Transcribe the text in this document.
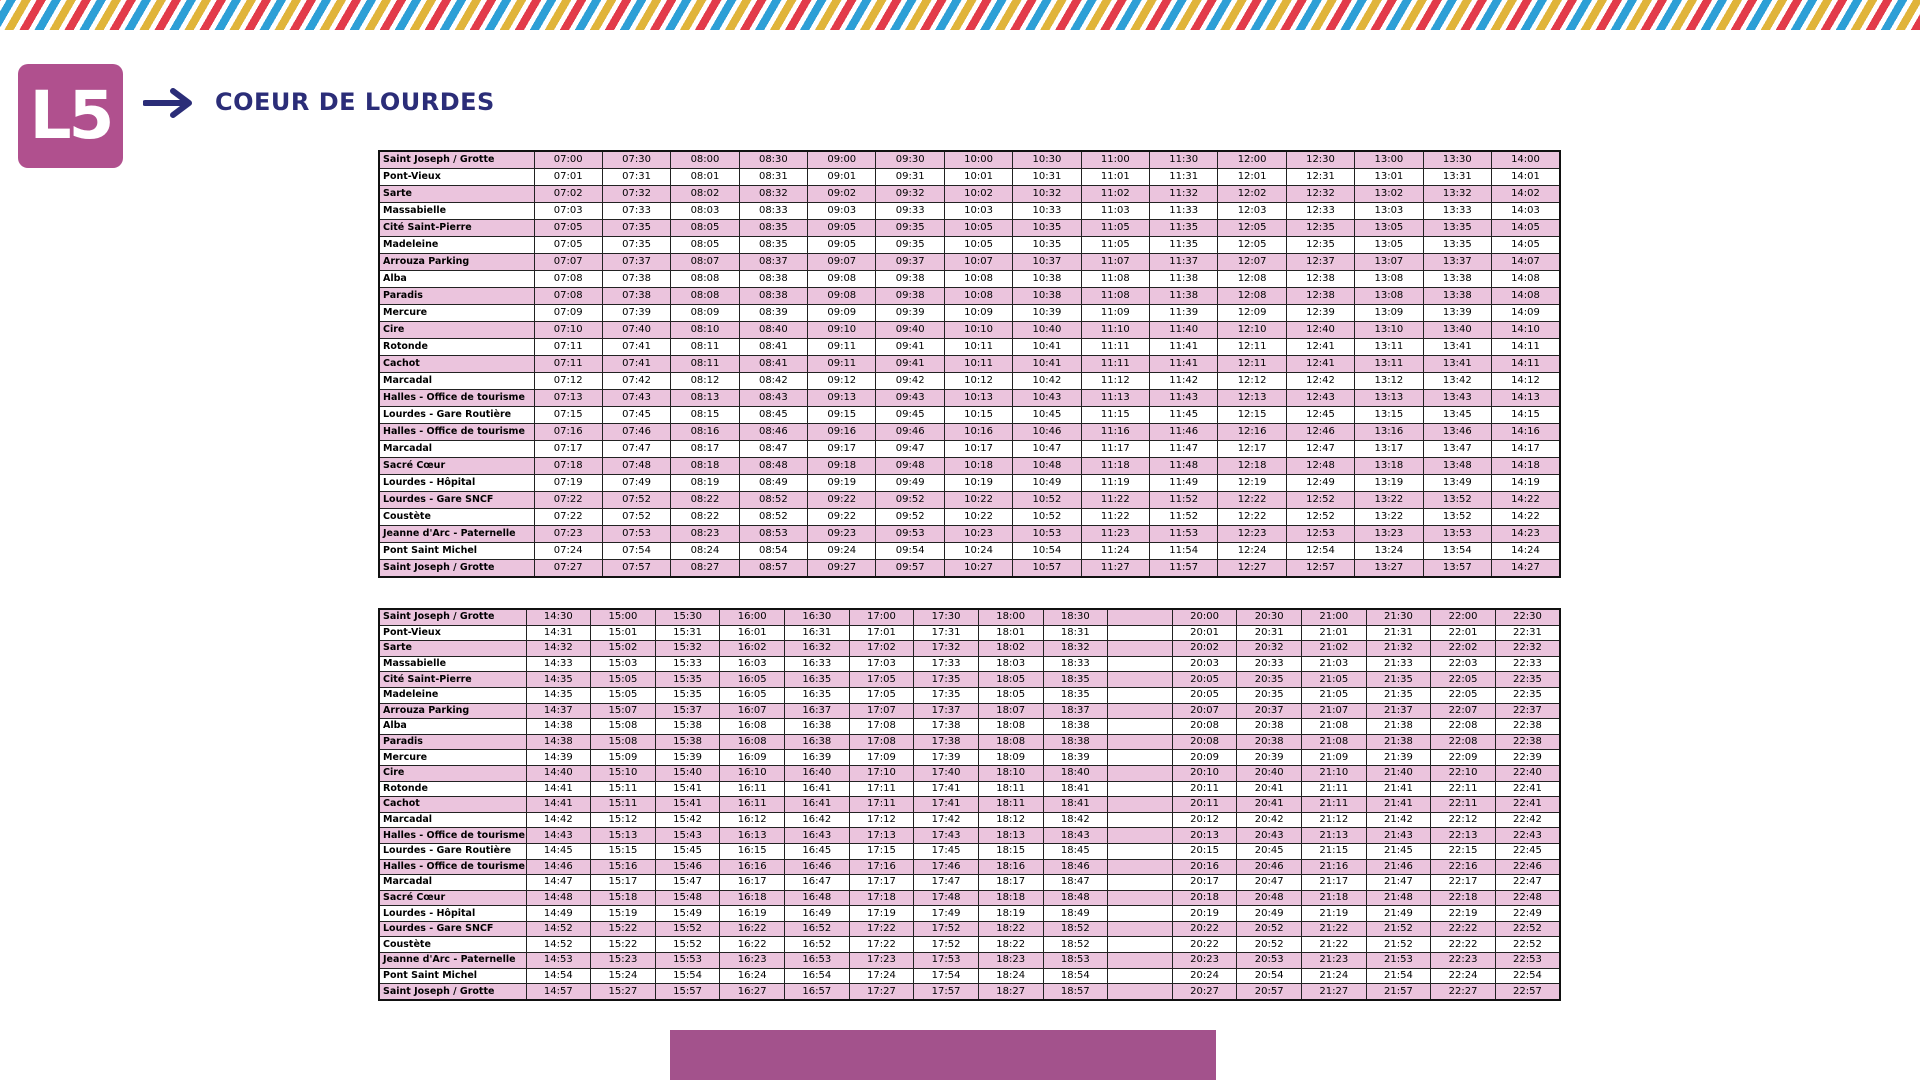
L5	COEUR DE LOURDES
Saint Joseph / Grotte	07:00	07:30	08:00	08:30	09:00	09:30	10:00	10:30	11:00	11:30	12:00	12:30	13:00	13:30	14:00
Pont-Vieux	07:01	07:31	08:01	08:31	09:01	09:31	10:01	10:31	11:01	11:31	12:01	12:31	13:01	13:31	14:01
Sarte	07:02	07:32	08:02	08:32	09:02	09:32	10:02	10:32	11:02	11:32	12:02	12:32	13:02	13:32	14:02
Massabielle	07:03	07:33	08:03	08:33	09:03	09:33	10:03	10:33	11:03	11:33	12:03	12:33	13:03	13:33	14:03
Cité Saint-Pierre	07:05	07:35	08:05	08:35	09:05	09:35	10:05	10:35	11:05	11:35	12:05	12:35	13:05	13:35	14:05
Madeleine	07:05	07:35	08:05	08:35	09:05	09:35	10:05	10:35	11:05	11:35	12:05	12:35	13:05	13:35	14:05
Arrouza Parking	07:07	07:37	08:07	08:37	09:07	09:37	10:07	10:37	11:07	11:37	12:07	12:37	13:07	13:37	14:07
Alba	07:08	07:38	08:08	08:38	09:08	09:38	10:08	10:38	11:08	11:38	12:08	12:38	13:08	13:38	14:08
Paradis	07:08	07:38	08:08	08:38	09:08	09:38	10:08	10:38	11:08	11:38	12:08	12:38	13:08	13:38	14:08
Mercure	07:09	07:39	08:09	08:39	09:09	09:39	10:09	10:39	11:09	11:39	12:09	12:39	13:09	13:39	14:09
Cire	07:10	07:40	08:10	08:40	09:10	09:40	10:10	10:40	11:10	11:40	12:10	12:40	13:10	13:40	14:10
Rotonde	07:11	07:41	08:11	08:41	09:11	09:41	10:11	10:41	11:11	11:41	12:11	12:41	13:11	13:41	14:11
Cachot	07:11	07:41	08:11	08:41	09:11	09:41	10:11	10:41	11:11	11:41	12:11	12:41	13:11	13:41	14:11
Marcadal	07:12	07:42	08:12	08:42	09:12	09:42	10:12	10:42	11:12	11:42	12:12	12:42	13:12	13:42	14:12
Halles - Office de tourisme	07:13	07:43	08:13	08:43	09:13	09:43	10:13	10:43	11:13	11:43	12:13	12:43	13:13	13:43	14:13
Lourdes - Gare Routière	07:15	07:45	08:15	08:45	09:15	09:45	10:15	10:45	11:15	11:45	12:15	12:45	13:15	13:45	14:15
Halles - Office de tourisme	07:16	07:46	08:16	08:46	09:16	09:46	10:16	10:46	11:16	11:46	12:16	12:46	13:16	13:46	14:16
Marcadal	07:17	07:47	08:17	08:47	09:17	09:47	10:17	10:47	11:17	11:47	12:17	12:47	13:17	13:47	14:17
Sacré Cœur	07:18	07:48	08:18	08:48	09:18	09:48	10:18	10:48	11:18	11:48	12:18	12:48	13:18	13:48	14:18
Lourdes - Hôpital	07:19	07:49	08:19	08:49	09:19	09:49	10:19	10:49	11:19	11:49	12:19	12:49	13:19	13:49	14:19
Lourdes - Gare SNCF	07:22	07:52	08:22	08:52	09:22	09:52	10:22	10:52	11:22	11:52	12:22	12:52	13:22	13:52	14:22
Coustète	07:22	07:52	08:22	08:52	09:22	09:52	10:22	10:52	11:22	11:52	12:22	12:52	13:22	13:52	14:22
Jeanne d'Arc - Paternelle	07:23	07:53	08:23	08:53	09:23	09:53	10:23	10:53	11:23	11:53	12:23	12:53	13:23	13:53	14:23
Pont Saint Michel	07:24	07:54	08:24	08:54	09:24	09:54	10:24	10:54	11:24	11:54	12:24	12:54	13:24	13:54	14:24
Saint Joseph / Grotte	07:27	07:57	08:27	08:57	09:27	09:57	10:27	10:57	11:27	11:57	12:27	12:57	13:27	13:57	14:27
Saint Joseph / Grotte	14:30	15:00	15:30	16:00	16:30	17:00	17:30	18:00	18:30		20:00	20:30	21:00	21:30	22:00	22:30
Pont-Vieux	14:31	15:01	15:31	16:01	16:31	17:01	17:31	18:01	18:31		20:01	20:31	21:01	21:31	22:01	22:31
Sarte	14:32	15:02	15:32	16:02	16:32	17:02	17:32	18:02	18:32		20:02	20:32	21:02	21:32	22:02	22:32
Massabielle	14:33	15:03	15:33	16:03	16:33	17:03	17:33	18:03	18:33		20:03	20:33	21:03	21:33	22:03	22:33
Cité Saint-Pierre	14:35	15:05	15:35	16:05	16:35	17:05	17:35	18:05	18:35		20:05	20:35	21:05	21:35	22:05	22:35
Madeleine	14:35	15:05	15:35	16:05	16:35	17:05	17:35	18:05	18:35		20:05	20:35	21:05	21:35	22:05	22:35
Arrouza Parking	14:37	15:07	15:37	16:07	16:37	17:07	17:37	18:07	18:37		20:07	20:37	21:07	21:37	22:07	22:37
Alba	14:38	15:08	15:38	16:08	16:38	17:08	17:38	18:08	18:38		20:08	20:38	21:08	21:38	22:08	22:38
Paradis	14:38	15:08	15:38	16:08	16:38	17:08	17:38	18:08	18:38		20:08	20:38	21:08	21:38	22:08	22:38
Mercure	14:39	15:09	15:39	16:09	16:39	17:09	17:39	18:09	18:39		20:09	20:39	21:09	21:39	22:09	22:39
Cire	14:40	15:10	15:40	16:10	16:40	17:10	17:40	18:10	18:40		20:10	20:40	21:10	21:40	22:10	22:40
Rotonde	14:41	15:11	15:41	16:11	16:41	17:11	17:41	18:11	18:41		20:11	20:41	21:11	21:41	22:11	22:41
Cachot	14:41	15:11	15:41	16:11	16:41	17:11	17:41	18:11	18:41		20:11	20:41	21:11	21:41	22:11	22:41
Marcadal	14:42	15:12	15:42	16:12	16:42	17:12	17:42	18:12	18:42		20:12	20:42	21:12	21:42	22:12	22:42
Halles - Office de tourisme	14:43	15:13	15:43	16:13	16:43	17:13	17:43	18:13	18:43		20:13	20:43	21:13	21:43	22:13	22:43
Lourdes - Gare Routière	14:45	15:15	15:45	16:15	16:45	17:15	17:45	18:15	18:45		20:15	20:45	21:15	21:45	22:15	22:45
Halles - Office de tourisme	14:46	15:16	15:46	16:16	16:46	17:16	17:46	18:16	18:46		20:16	20:46	21:16	21:46	22:16	22:46
Marcadal	14:47	15:17	15:47	16:17	16:47	17:17	17:47	18:17	18:47		20:17	20:47	21:17	21:47	22:17	22:47
Sacré Cœur	14:48	15:18	15:48	16:18	16:48	17:18	17:48	18:18	18:48		20:18	20:48	21:18	21:48	22:18	22:48
Lourdes - Hôpital	14:49	15:19	15:49	16:19	16:49	17:19	17:49	18:19	18:49		20:19	20:49	21:19	21:49	22:19	22:49
Lourdes - Gare SNCF	14:52	15:22	15:52	16:22	16:52	17:22	17:52	18:22	18:52		20:22	20:52	21:22	21:52	22:22	22:52
Coustète	14:52	15:22	15:52	16:22	16:52	17:22	17:52	18:22	18:52		20:22	20:52	21:22	21:52	22:22	22:52
Jeanne d'Arc - Paternelle	14:53	15:23	15:53	16:23	16:53	17:23	17:53	18:23	18:53		20:23	20:53	21:23	21:53	22:23	22:53
Pont Saint Michel	14:54	15:24	15:54	16:24	16:54	17:24	17:54	18:24	18:54		20:24	20:54	21:24	21:54	22:24	22:54
Saint Joseph / Grotte	14:57	15:27	15:57	16:27	16:57	17:27	17:57	18:27	18:57		20:27	20:57	21:27	21:57	22:27	22:57
